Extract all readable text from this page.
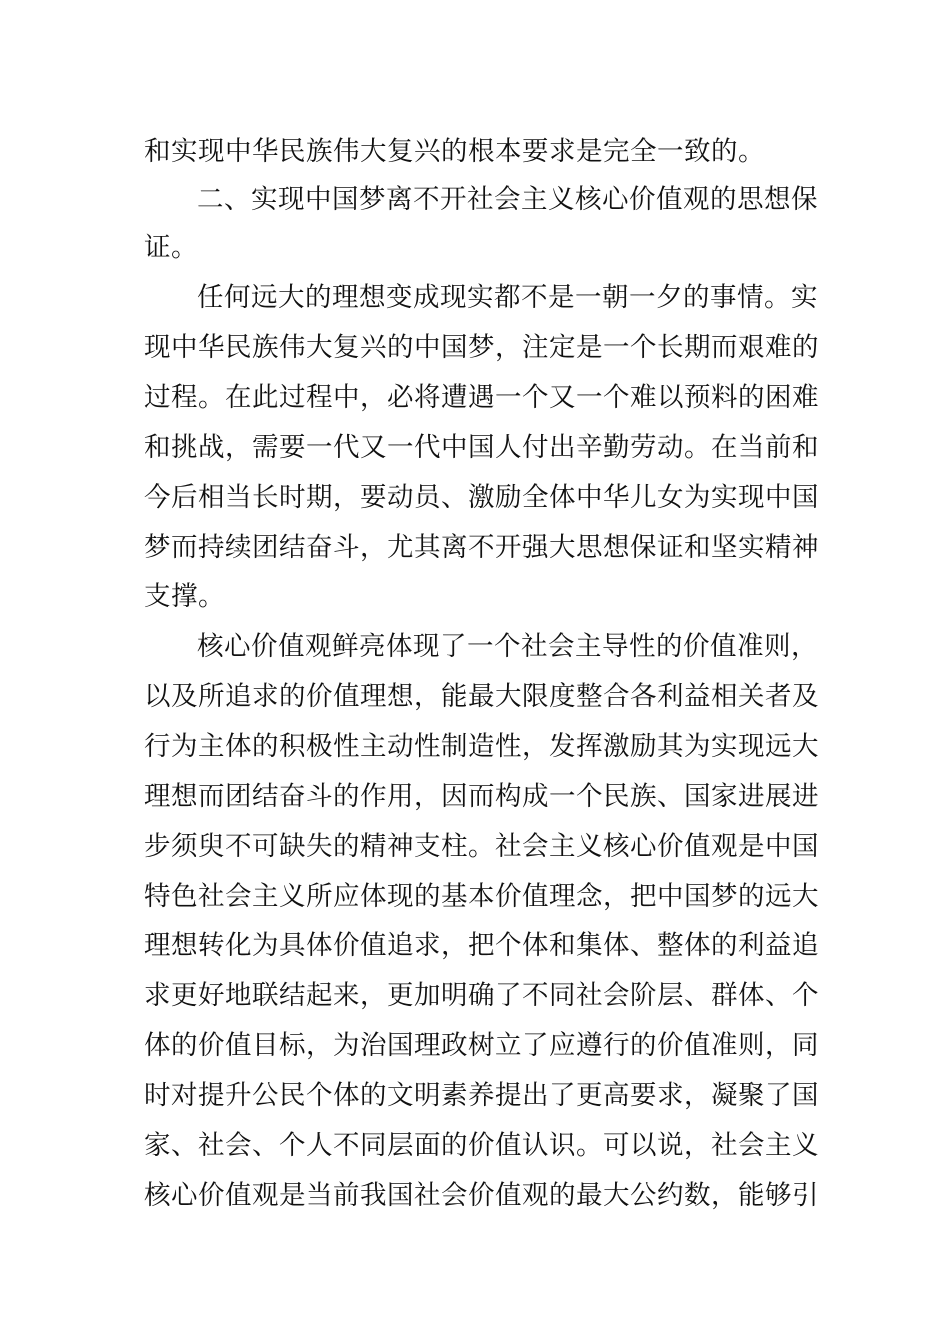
和实现中华民族伟大复兴的根本要求是完全一致的。
二、实现中国梦离不开社会主义核心价值观的思想保
证。
任何远大的理想变成现实都不是一朝一夕的事情。实
现中华民族伟大复兴的中国梦，注定是一个长期而艰难的
过程。在此过程中，必将遭遇一个又一个难以预料的困难
和挑战，需要一代又一代中国人付出辛勤劳动。在当前和
今后相当长时期，要动员、激励全体中华儿女为实现中国
梦而持续团结奋斗，尤其离不开强大思想保证和坚实精神
支撑。
核心价值观鲜亮体现了一个社会主导性的价值准则，
以及所追求的价值理想，能最大限度整合各利益相关者及
行为主体的积极性主动性制造性，发挥激励其为实现远大
理想而团结奋斗的作用，因而构成一个民族、国家进展进
步须臾不可缺失的精神支柱。社会主义核心价值观是中国
特色社会主义所应体现的基本价值理念，把中国梦的远大
理想转化为具体价值追求，把个体和集体、整体的利益追
求更好地联结起来，更加明确了不同社会阶层、群体、个
体的价值目标，为治国理政树立了应遵行的价值准则，同
时对提升公民个体的文明素养提出了更高要求，凝聚了国
家、社会、个人不同层面的价值认识。可以说，社会主义
核心价值观是当前我国社会价值观的最大公约数，能够引
